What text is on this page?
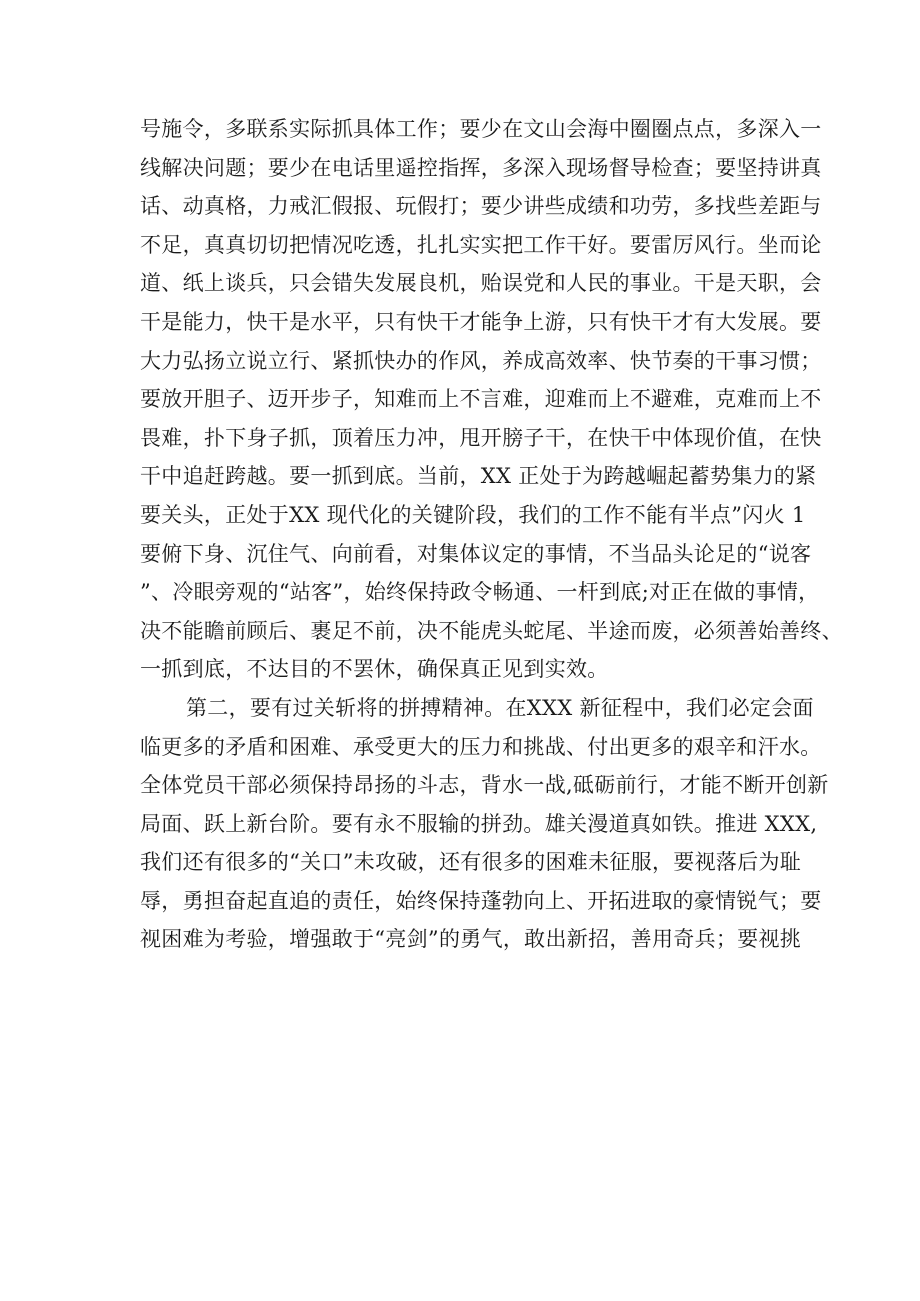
号施令，多联系实际抓具体工作；要少在文山会海中圈圈点点，多深入一
线解决问题；要少在电话里遥控指挥，多深入现场督导检查；要坚持讲真
话、动真格，力戒汇假报、玩假打；要少讲些成绩和功劳，多找些差距与
不足，真真切切把情况吃透，扎扎实实把工作干好。要雷厉风行。坐而论
道、纸上谈兵，只会错失发展良机，贻误党和人民的事业。干是天职，会
干是能力，快干是水平，只有快干才能争上游，只有快干才有大发展。要
大力弘扬立说立行、紧抓快办的作风，养成高效率、快节奏的干事习惯；
要放开胆子、迈开步子，知难而上不言难，迎难而上不避难，克难而上不
畏难，扑下身子抓，顶着压力冲，甩开膀子干，在快干中体现价值，在快
干中追赶跨越。要一抓到底。当前，XX 正处于为跨越崛起蓄势集力的紧
要关头，正处于XX 现代化的关键阶段，我们的工作不能有半点”闪火 1
要俯下身、沉住气、向前看，对集体议定的事情，不当品头论足的“说客
”、冷眼旁观的“站客”，始终保持政令畅通、一杆到底;对正在做的事情，
决不能瞻前顾后、裹足不前，决不能虎头蛇尾、半途而废，必须善始善终、
一抓到底，不达目的不罢休，确保真正见到实效。
第二，要有过关斩将的拼搏精神。在XXX 新征程中，我们必定会面
临更多的矛盾和困难、承受更大的压力和挑战、付出更多的艰辛和汗水。
全体党员干部必须保持昂扬的斗志，背水一战,砥砺前行，才能不断开创新
局面、跃上新台阶。要有永不服输的拼劲。雄关漫道真如铁。推进 XXX,
我们还有很多的“关口”未攻破，还有很多的困难未征服，要视落后为耻
辱，勇担奋起直追的责任，始终保持蓬勃向上、开拓进取的豪情锐气；要
视困难为考验，增强敢于“亮剑”的勇气，敢出新招，善用奇兵；要视挑
